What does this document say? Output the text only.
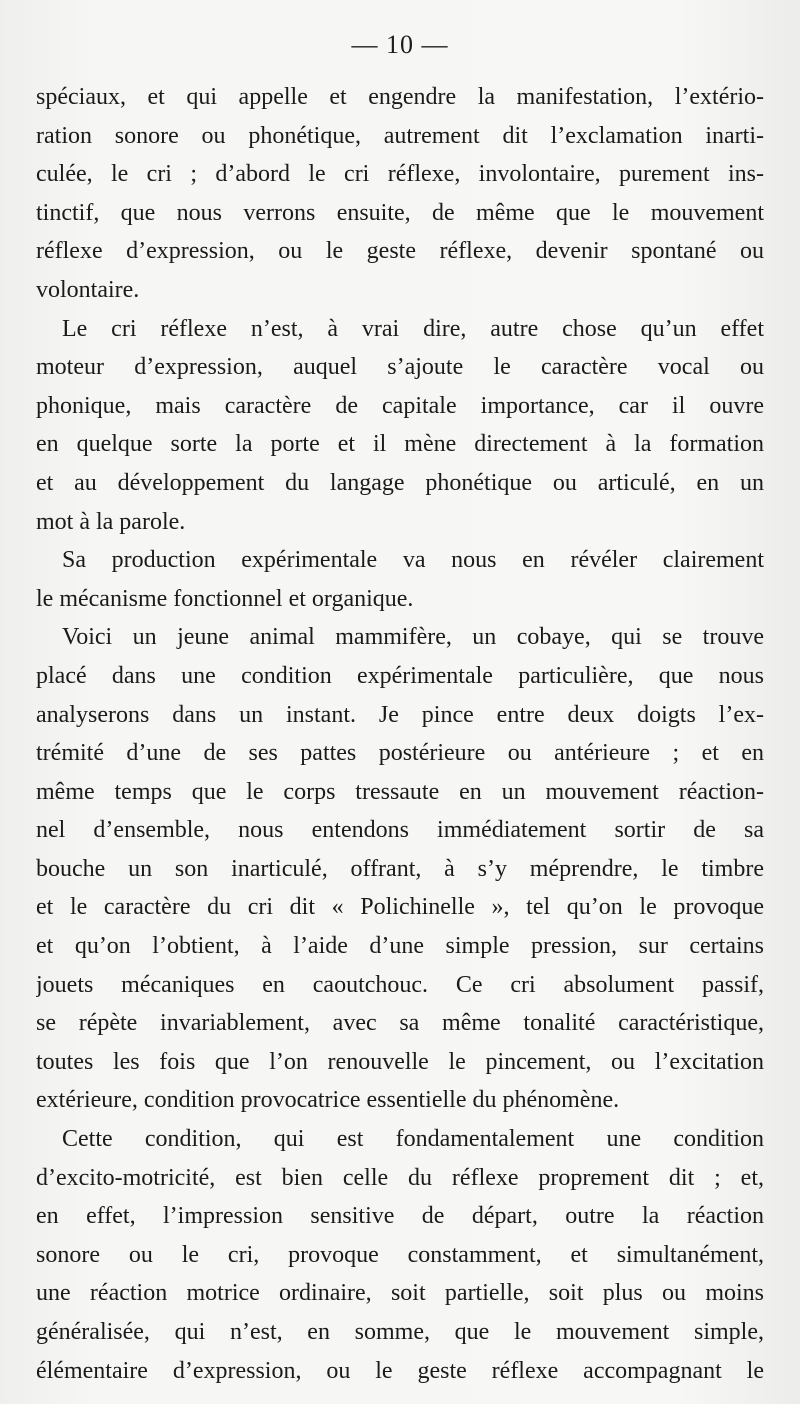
— 10 —
spéciaux, et qui appelle et engendre la manifestation, l’extério-
ration sonore ou phonétique, autrement dit l’exclamation inarti-
culée, le cri ; d’abord le cri réflexe, involontaire, purement ins-
tinctif, que nous verrons ensuite, de même que le mouvement
réflexe d’expression, ou le geste réflexe, devenir spontané ou
volontaire.
Le cri réflexe n’est, à vrai dire, autre chose qu’un effet
moteur d’expression, auquel s’ajoute le caractère vocal ou
phonique, mais caractère de capitale importance, car il ouvre
en quelque sorte la porte et il mène directement à la formation
et au développement du langage phonétique ou articulé, en un
mot à la parole.
Sa production expérimentale va nous en révéler clairement
le mécanisme fonctionnel et organique.
Voici un jeune animal mammifère, un cobaye, qui se trouve
placé dans une condition expérimentale particulière, que nous
analyserons dans un instant. Je pince entre deux doigts l’ex-
trémité d’une de ses pattes postérieure ou antérieure ; et en
même temps que le corps tressaute en un mouvement réaction-
nel d’ensemble, nous entendons immédiatement sortir de sa
bouche un son inarticulé, offrant, à s’y méprendre, le timbre
et le caractère du cri dit « Polichinelle », tel qu’on le provoque
et qu’on l’obtient, à l’aide d’une simple pression, sur certains
jouets mécaniques en caoutchouc. Ce cri absolument passif,
se répète invariablement, avec sa même tonalité caractéristique,
toutes les fois que l’on renouvelle le pincement, ou l’excitation
extérieure, condition provocatrice essentielle du phénomène.
Cette condition, qui est fondamentalement une condition
d’excito-motricité, est bien celle du réflexe proprement dit ; et,
en effet, l’impression sensitive de départ, outre la réaction
sonore ou le cri, provoque constamment, et simultanément,
une réaction motrice ordinaire, soit partielle, soit plus ou moins
généralisée, qui n’est, en somme, que le mouvement simple,
élémentaire d’expression, ou le geste réflexe accompagnant le
